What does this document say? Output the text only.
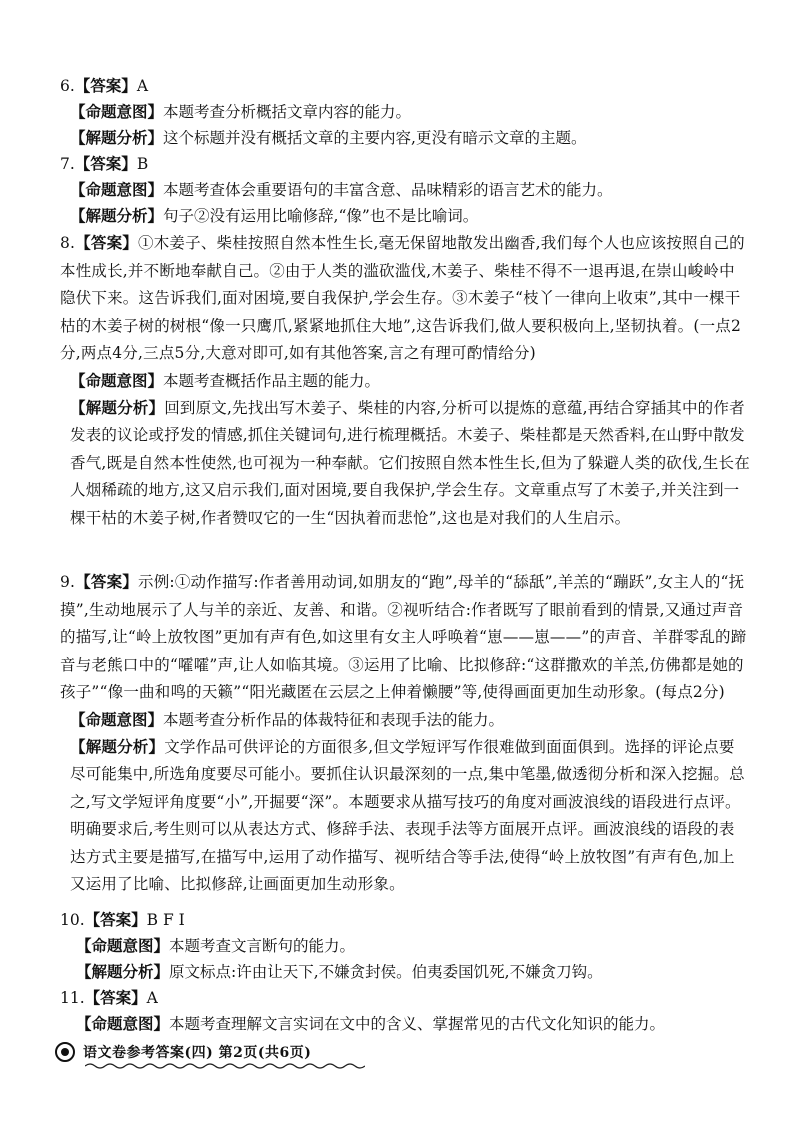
6.【答案】A
【命题意图】本题考查分析概括文章内容的能力。
【解题分析】这个标题并没有概括文章的主要内容,更没有暗示文章的主题。
7.【答案】B
【命题意图】本题考查体会重要语句的丰富含意、品味精彩的语言艺术的能力。
【解题分析】句子②没有运用比喻修辞,“像”也不是比喻词。
8.【答案】①木姜子、柴桂按照自然本性生长,毫无保留地散发出幽香,我们每个人也应该按照自己的本性成长,并不断地奉献自己。②由于人类的滥砍滥伐,木姜子、柴桂不得不一退再退,在崇山峻岭中隐伏下来。这告诉我们,面对困境,要自我保护,学会生存。③木姜子“枝丫一律向上收束”,其中一棵干枯的木姜子树的树根“像一只鹰爪,紧紧地抓住大地”,这告诉我们,做人要积极向上,坚韧执着。(一点2分,两点4分,三点5分,大意对即可,如有其他答案,言之有理可酌情给分)
【命题意图】本题考查概括作品主题的能力。
【解题分析】回到原文,先找出写木姜子、柴桂的内容,分析可以提炼的意蕴,再结合穿插其中的作者发表的议论或抒发的情感,抓住关键词句,进行梳理概括。木姜子、柴桂都是天然香料,在山野中散发香气,既是自然本性使然,也可视为一种奉献。它们按照自然本性生长,但为了躲避人类的砍伐,生长在人烟稀疏的地方,这又启示我们,面对困境,要自我保护,学会生存。文章重点写了木姜子,并关注到一棵干枯的木姜子树,作者赞叹它的一生“因执着而悲怆”,这也是对我们的人生启示。
9.【答案】示例:①动作描写:作者善用动词,如朋友的“跑”,母羊的“舔舐”,羊羔的“蹦跃”,女主人的“抚摸”,生动地展示了人与羊的亲近、友善、和谐。②视听结合:作者既写了眼前看到的情景,又通过声音的描写,让“岭上放牧图”更加有声有色,如这里有女主人呼唤着“崽——崽——”的声音、羊群零乱的蹄音与老熊口中的“嚯嚯”声,让人如临其境。③运用了比喻、比拟修辞:“这群撒欢的羊羔,仿佛都是她的孩子”“像一曲和鸣的天籁”“阳光藏匿在云层之上伸着懒腰”等,使得画面更加生动形象。(每点2分)
【命题意图】本题考查分析作品的体裁特征和表现手法的能力。
【解题分析】文学作品可供评论的方面很多,但文学短评写作很难做到面面俱到。选择的评论点要尽可能集中,所选角度要尽可能小。要抓住认识最深刻的一点,集中笔墨,做透彻分析和深入挖掘。总之,写文学短评角度要“小”,开掘要“深”。本题要求从描写技巧的角度对画波浪线的语段进行点评。明确要求后,考生则可以从表达方式、修辞手法、表现手法等方面展开点评。画波浪线的语段的表达方式主要是描写,在描写中,运用了动作描写、视听结合等手法,使得“岭上放牧图”有声有色,加上又运用了比喻、比拟修辞,让画面更加生动形象。
10.【答案】B F I
【命题意图】本题考查文言断句的能力。
【解题分析】原文标点:许由让天下,不嫌贪封侯。伯夷委国饥死,不嫌贪刀钩。
11.【答案】A
【命题意图】本题考查理解文言实词在文中的含义、掌握常见的古代文化知识的能力。
语文卷参考答案(四) 第2页(共6页)
